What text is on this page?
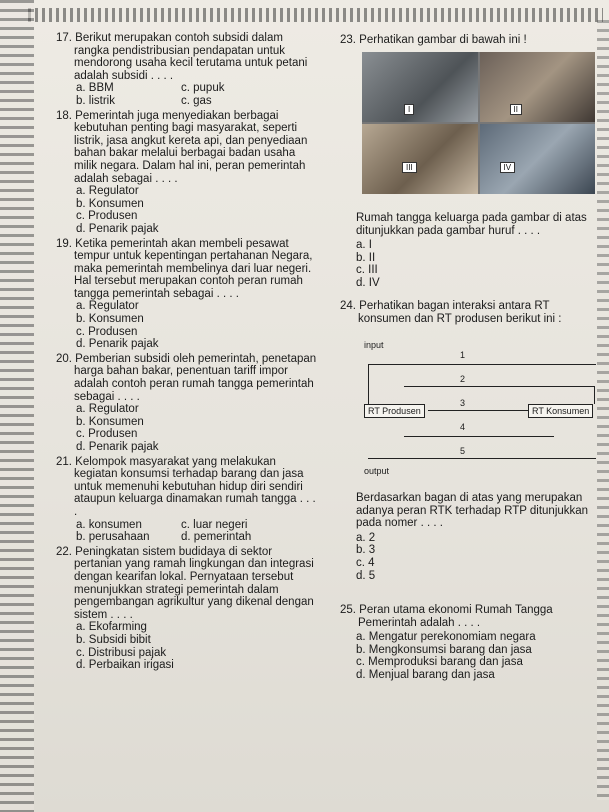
17. Berikut merupakan contoh subsidi dalam rangka pendistribusian pendapatan untuk mendorong usaha kecil terutama untuk petani adalah subsidi . . . .

a. BBM	c. pupuk
b. listrik	c. gas

18. Pemerintah juga menyediakan berbagai kebutuhan penting bagi masyarakat, seperti listrik, jasa angkut kereta api, dan penyediaan bahan bakar melalui berbagai badan usaha milik negara. Dalam hal ini, peran pemerintah adalah sebagai . . . .

a. Regulator
b. Konsumen
c. Produsen
d. Penarik pajak

19. Ketika pemerintah akan membeli pesawat tempur untuk kepentingan pertahanan Negara, maka pemerintah membelinya dari luar negeri. Hal tersebut merupakan contoh peran rumah tangga pemerintah sebagai . . . .

a. Regulator
b. Konsumen
c. Produsen
d. Penarik pajak

20. Pemberian subsidi oleh pemerintah, penetapan harga bahan bakar, penentuan tariff impor adalah contoh peran rumah tangga pemerintah sebagai . . . .

a. Regulator
b. Konsumen
c. Produsen
d. Penarik pajak

21. Kelompok masyarakat yang melakukan kegiatan konsumsi terhadap barang dan jasa untuk memenuhi kebutuhan hidup diri sendiri ataupun keluarga dinamakan rumah tangga . . . .

a. konsumen	c. luar negeri
b. perusahaan	d. pemerintah

22. Peningkatan sistem budidaya di sektor pertanian yang ramah lingkungan dan integrasi dengan kearifan lokal. Pernyataan tersebut menunjukkan strategi pemerintah dalam pengembangan agrikultur yang dikenal dengan sistem . . . .

a. Ekofarming
b. Subsidi bibit
c. Distribusi pajak
d. Perbaikan irigasi

23. Perhatikan gambar di bawah ini !

I	II
III	IV

Rumah tangga keluarga pada gambar di atas ditunjukkan pada gambar huruf . . . .

a. I
b. II
c. III
d. IV

24. Perhatikan bagan interaksi antara RT konsumen dan RT produsen berikut ini :

input
1
2
RT Produsen	RT Konsumen
3
4
5
output

Berdasarkan bagan di atas yang merupakan adanya peran RTK terhadap RTP ditunjukkan pada nomer . . . .

a. 2
b. 3
c. 4
d. 5

25. Peran utama ekonomi Rumah Tangga Pemerintah adalah . . . .

a. Mengatur perekonomiam negara
b. Mengkonsumsi barang dan jasa
c. Memproduksi barang dan jasa
d. Menjual barang dan jasa
